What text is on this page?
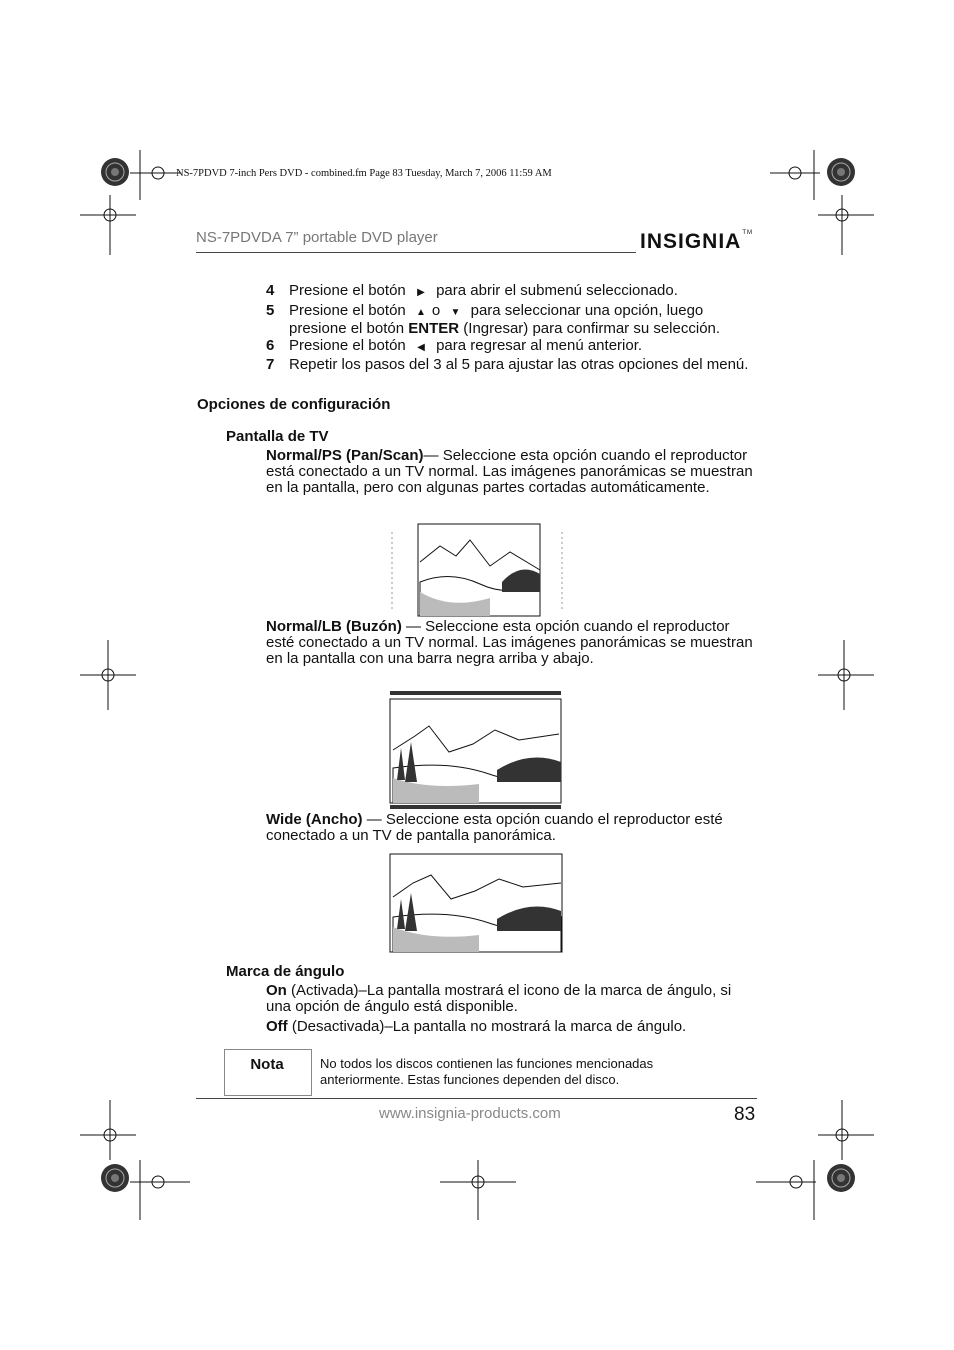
NS-7PDVD 7-inch Pers DVD - combined.fm Page 83 Tuesday, March 7, 2006 11:59 AM
NS-7PDVDA 7” portable DVD player	INSIGNIA™
4 Presione el botón ▶ para abrir el submenú seleccionado.
5 Presione el botón ▲ o ▼ para seleccionar una opción, luego
presione el botón ENTER (Ingresar) para confirmar su selección.
6 Presione el botón ◀ para regresar al menú anterior.
7 Repetir los pasos del 3 al 5 para ajustar las otras opciones del menú.
Opciones de configuración
Pantalla de TV
Normal/PS (Pan/Scan)— Seleccione esta opción cuando el reproductor está conectado a un TV normal. Las imágenes panorámicas se muestran en la pantalla, pero con algunas partes cortadas automáticamente.
Normal/LB (Buzón) — Seleccione esta opción cuando el reproductor esté conectado a un TV normal. Las imágenes panorámicas se muestran en la pantalla con una barra negra arriba y abajo.
Wide (Ancho) — Seleccione esta opción cuando el reproductor esté conectado a un TV de pantalla panorámica.
Marca de ángulo
On (Activada)–La pantalla mostrará el icono de la marca de ángulo, si una opción de ángulo está disponible.
Off (Desactivada)–La pantalla no mostrará la marca de ángulo.
Nota	No todos los discos contienen las funciones mencionadas anteriormente. Estas funciones dependen del disco.
www.insignia-products.com	83
